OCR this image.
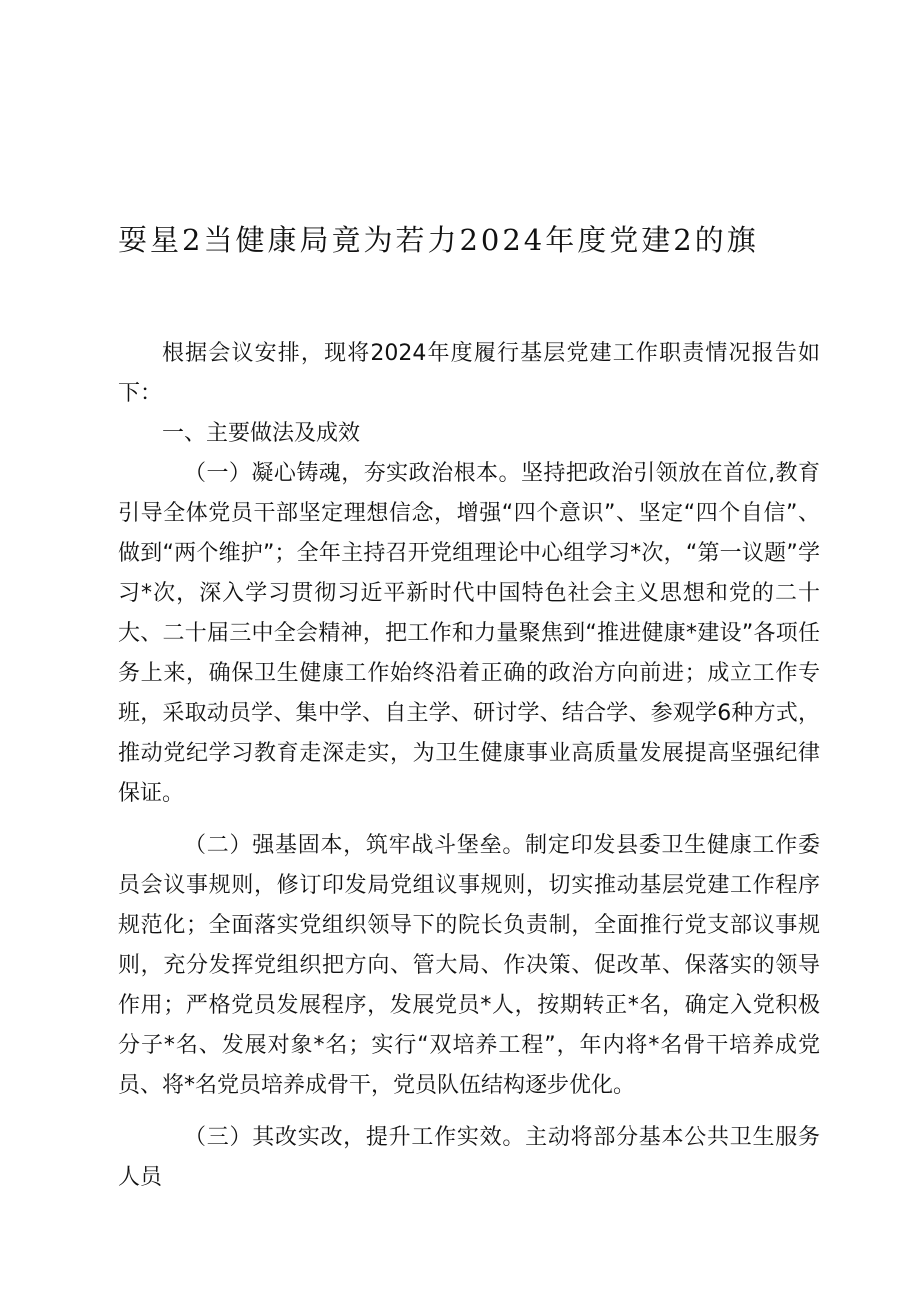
耍星2当健康局竟为若力2024年度党建2的旗

根据会议安排，现将2024年度履行基层党建工作职责情况报告如下：

一、主要做法及成效

（一）凝心铸魂，夯实政治根本。坚持把政治引领放在首位,教育引导全体党员干部坚定理想信念，增强“四个意识”、坚定“四个自信”、做到“两个维护”；全年主持召开党组理论中心组学习*次，“第一议题”学习*次，深入学习贯彻习近平新时代中国特色社会主义思想和党的二十大、二十届三中全会精神，把工作和力量聚焦到“推进健康*建设”各项任务上来，确保卫生健康工作始终沿着正确的政治方向前进；成立工作专班，采取动员学、集中学、自主学、研讨学、结合学、参观学6种方式，推动党纪学习教育走深走实，为卫生健康事业高质量发展提高坚强纪律保证。

（二）强基固本，筑牢战斗堡垒。制定印发县委卫生健康工作委员会议事规则，修订印发局党组议事规则，切实推动基层党建工作程序规范化；全面落实党组织领导下的院长负责制，全面推行党支部议事规则，充分发挥党组织把方向、管大局、作决策、促改革、保落实的领导作用；严格党员发展程序，发展党员*人，按期转正*名，确定入党积极分子*名、发展对象*名；实行“双培养工程”，年内将*名骨干培养成党员、将*名党员培养成骨干，党员队伍结构逐步优化。

（三）其改实改，提升工作实效。主动将部分基本公共卫生服务人员
